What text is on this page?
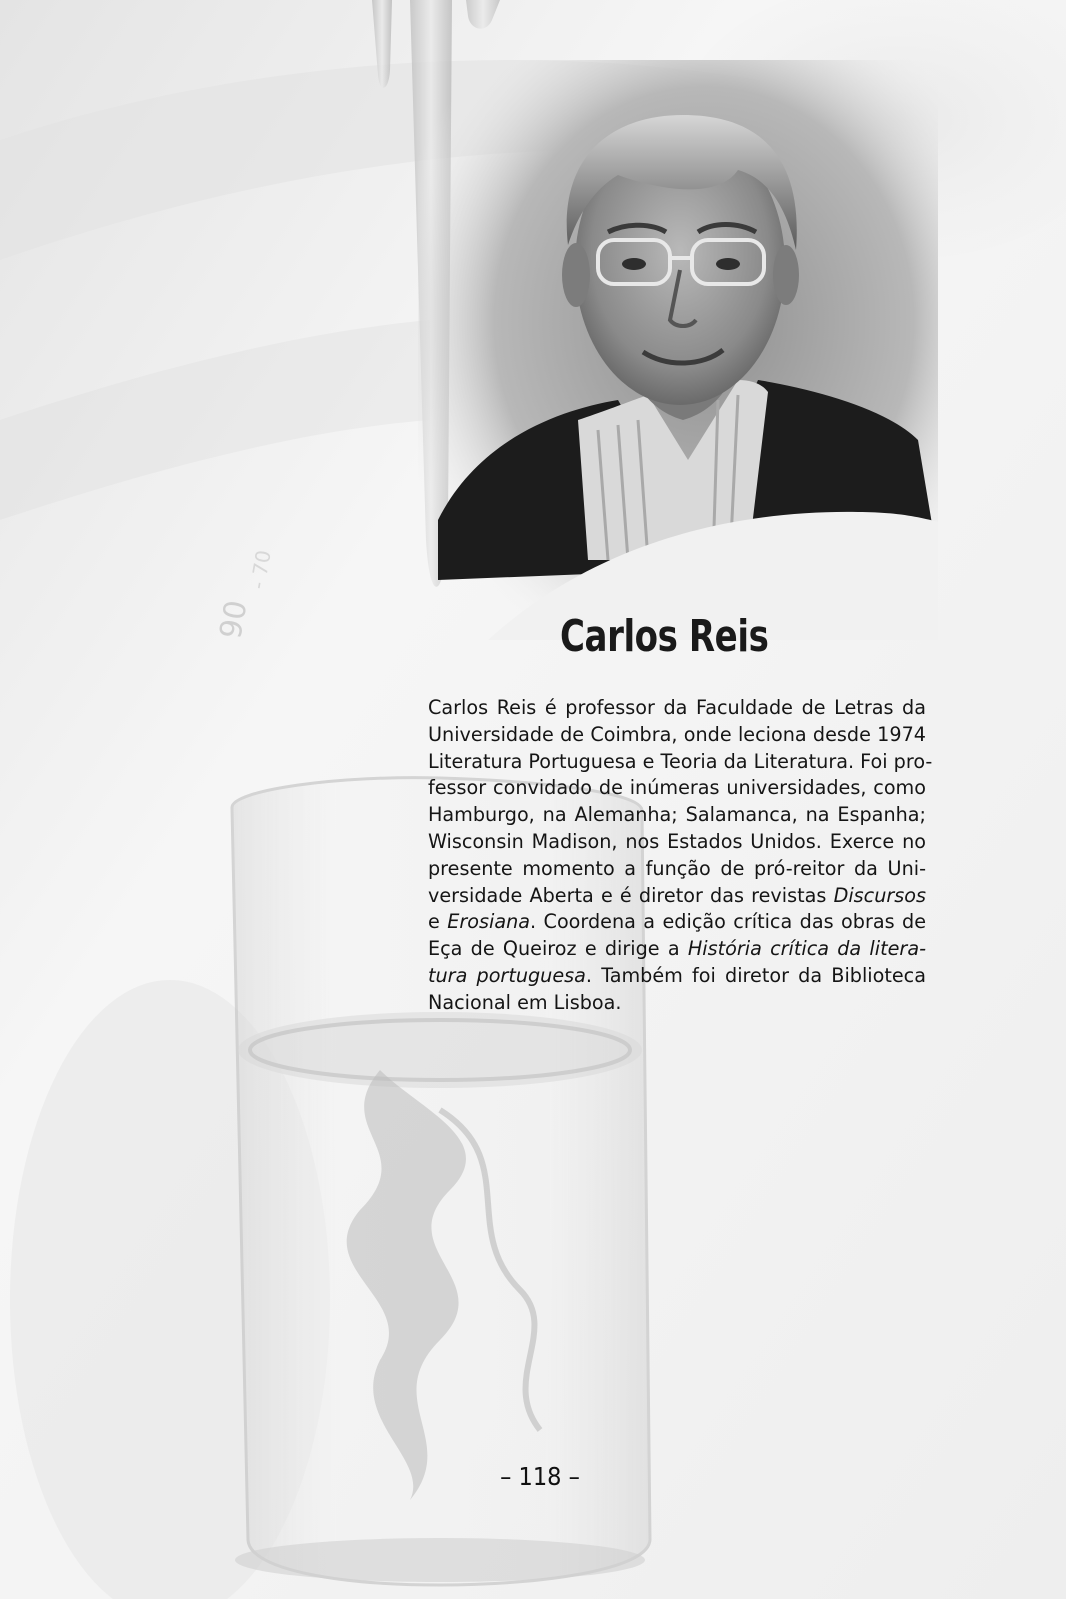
90
- 70
Carlos Reis
Carlos Reis é professor da Faculdade de Letras da
Universidade de Coimbra, onde leciona desde 1974
Literatura Portuguesa e Teoria da Literatura. Foi pro-
fessor convidado de inúmeras universidades, como
Hamburgo, na Alemanha; Salamanca, na Espanha;
Wisconsin Madison, nos Estados Unidos. Exerce no
presente momento a função de pró-reitor da Uni-
versidade Aberta e é diretor das revistas Discursos
e Erosiana. Coordena a edição crítica das obras de
Eça de Queiroz e dirige a História crítica da litera-
tura portuguesa. Também foi diretor da Biblioteca
Nacional em Lisboa.
– 118 –
